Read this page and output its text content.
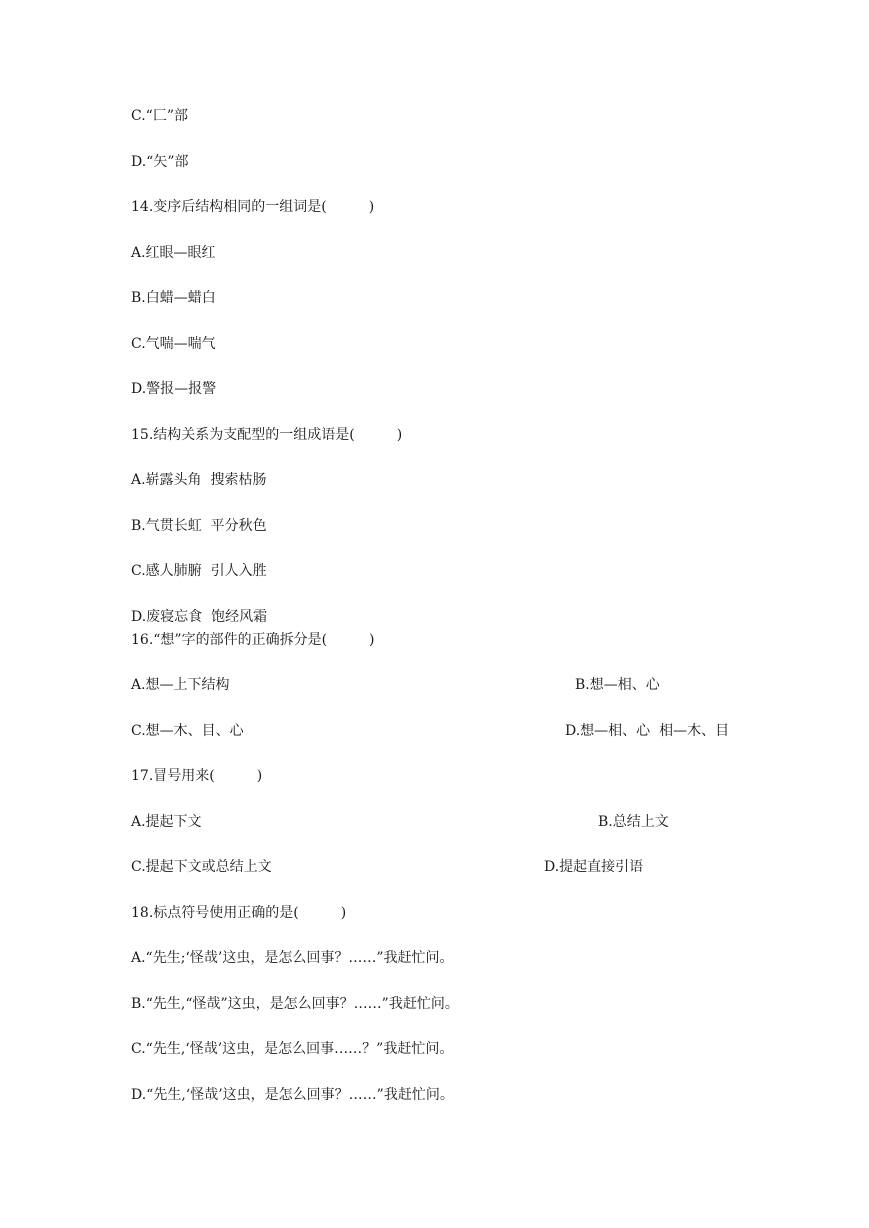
C.“匚”部
D.“矢”部
14.变序后结构相同的一组词是(　　　)
A.红眼—眼红
B.白蜡—蜡白
C.气喘—喘气
D.警报—报警
15.结构关系为支配型的一组成语是(　　　)
A.崭露头角  搜索枯肠
B.气贯长虹  平分秋色
C.感人肺腑  引人入胜
D.废寝忘食  饱经风霜
16.“想”字的部件的正确拆分是(　　　)
A.想—上下结构	B.想—相、心
C.想—木、目、心	D.想—相、心  相—木、目
17.冒号用来(　　　)
A.提起下文	B.总结上文
C.提起下文或总结上文	D.提起直接引语
18.标点符号使用正确的是(　　　)
A.“先生;‘怪哉’这虫，是怎么回事？……”我赶忙问。
B.“先生,“怪哉”这虫，是怎么回事？……”我赶忙问。
C.“先生,‘怪哉’这虫，是怎么回事……？”我赶忙问。
D.“先生,‘怪哉’这虫，是怎么回事？……”我赶忙问。
